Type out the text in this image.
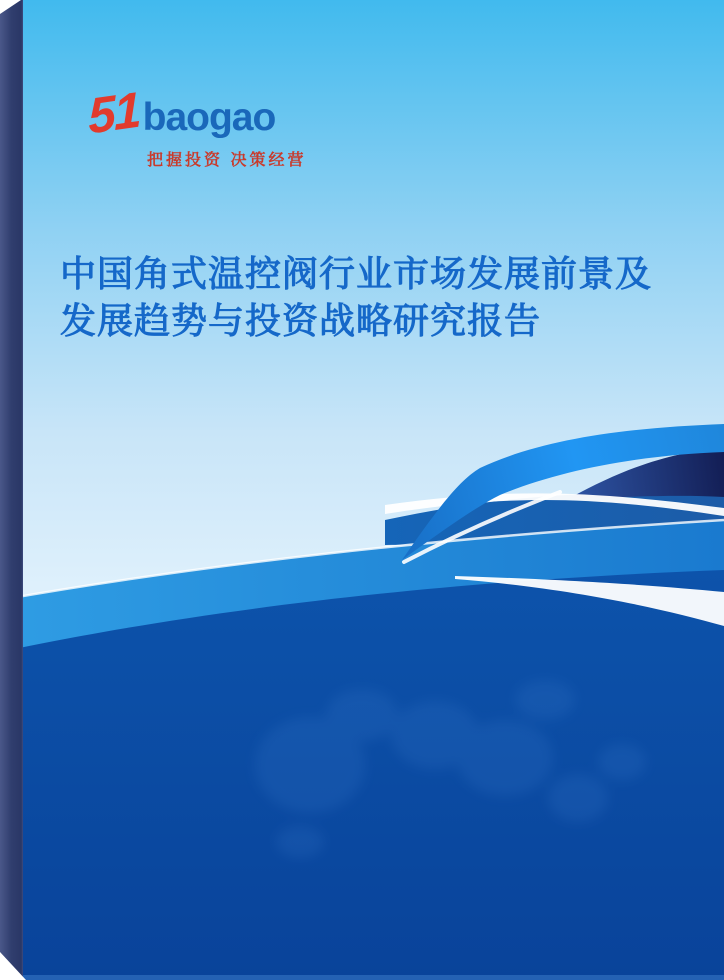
51 baogao
把握投资 决策经营
中国角式温控阀行业市场发展前景及
发展趋势与投资战略研究报告
